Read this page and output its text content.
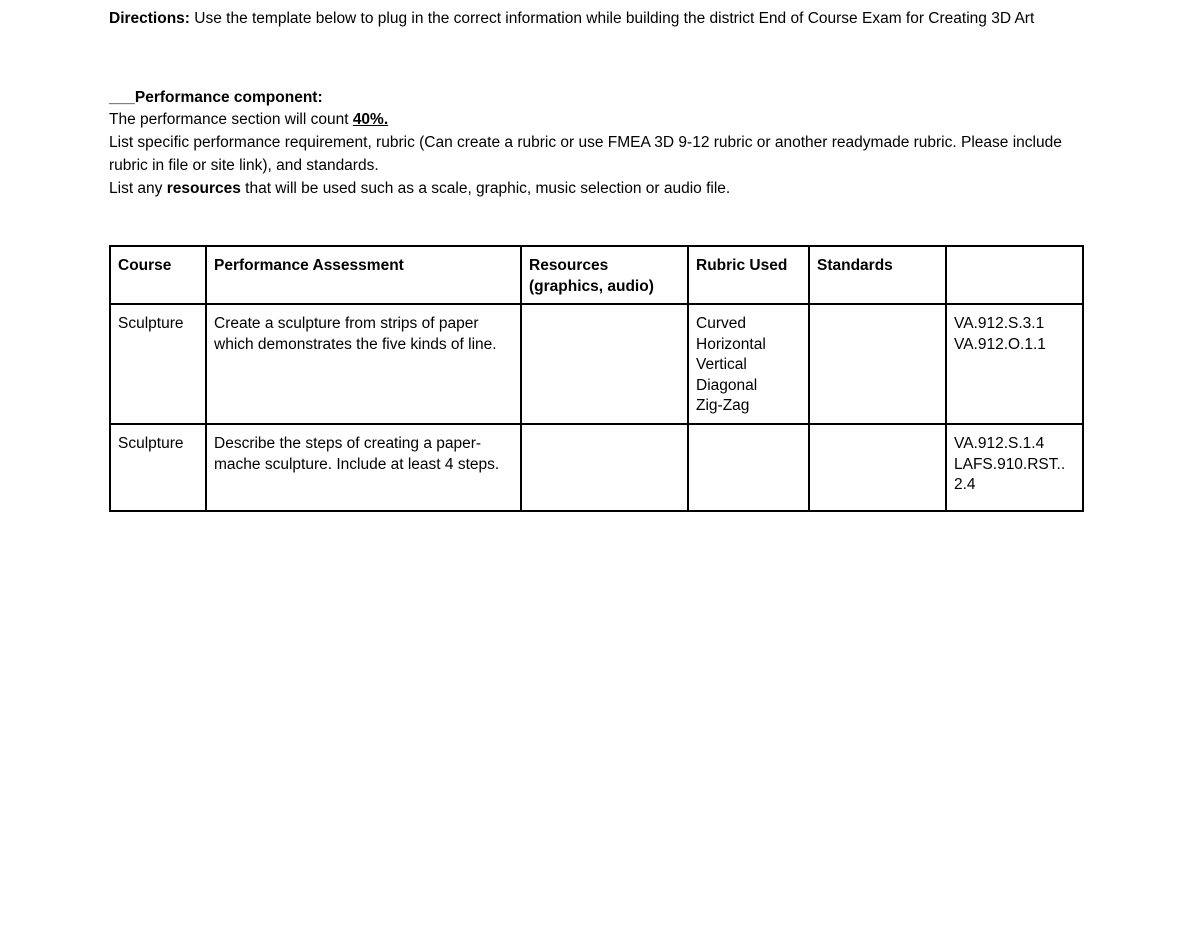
Directions: Use the template below to plug in the correct information while building the district End of Course Exam for Creating 3D Art

___Performance component:

The performance section will count 40%.

List specific performance requirement, rubric (Can create a rubric or use FMEA 3D 9-12 rubric or another readymade rubric. Please include rubric in file or site link), and standards.

List any resources that will be used such as a scale, graphic, music selection or audio file.

Course	Performance Assessment	Resources (graphics, audio)	Rubric Used	Standards	
Sculpture	Create a sculpture from strips of paper which demonstrates the five kinds of line.		Curved
Horizontal
Vertical
Diagonal
Zig-Zag		VA.912.S.3.1
VA.912.O.1.1
Sculpture	Describe the steps of creating a paper-mache sculpture. Include at least 4 steps.				VA.912.S.1.4
LAFS.910.RST..
2.4
